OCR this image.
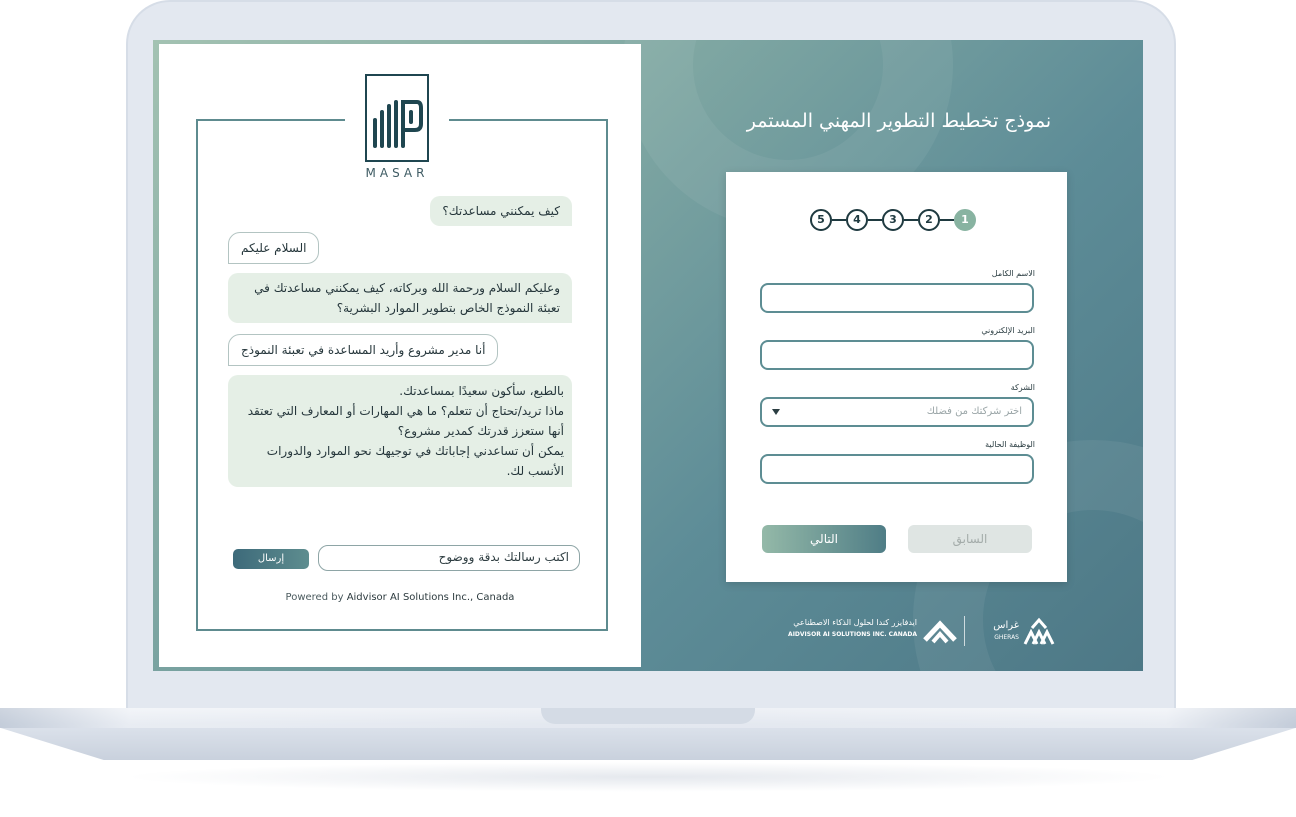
MASAR
كيف يمكنني مساعدتك؟
السلام عليكم
وعليكم السلام ورحمة الله وبركاته، كيف يمكنني مساعدتك في
تعبئة النموذج الخاص بتطوير الموارد البشرية؟
أنا مدير مشروع وأريد المساعدة في تعبئة النموذج
بالطبع، سأكون سعيدًا بمساعدتك.
ماذا تريد/تحتاج أن تتعلم؟ ما هي المهارات أو المعارف التي تعتقد
أنها ستعزز قدرتك كمدير مشروع؟
يمكن أن تساعدني إجاباتك في توجيهك نحو الموارد والدورات
الأنسب لك.
اكتب رسالتك بدقة ووضوح
إرسال
Powered by Aidvisor AI Solutions Inc., Canada
نموذج تخطيط التطوير المهني المستمر
5	4	3	2	1
الاسم الكامل
البريد الإلكتروني
الشركة
اختر شركتك من فضلك
الوظيفة الحالية
التالي	السابق
ايدفايزر كندا لحلول الذكاء الاصطناعي
AIDVISOR AI SOLUTIONS INC. CANADA
غراس
GHERAS
